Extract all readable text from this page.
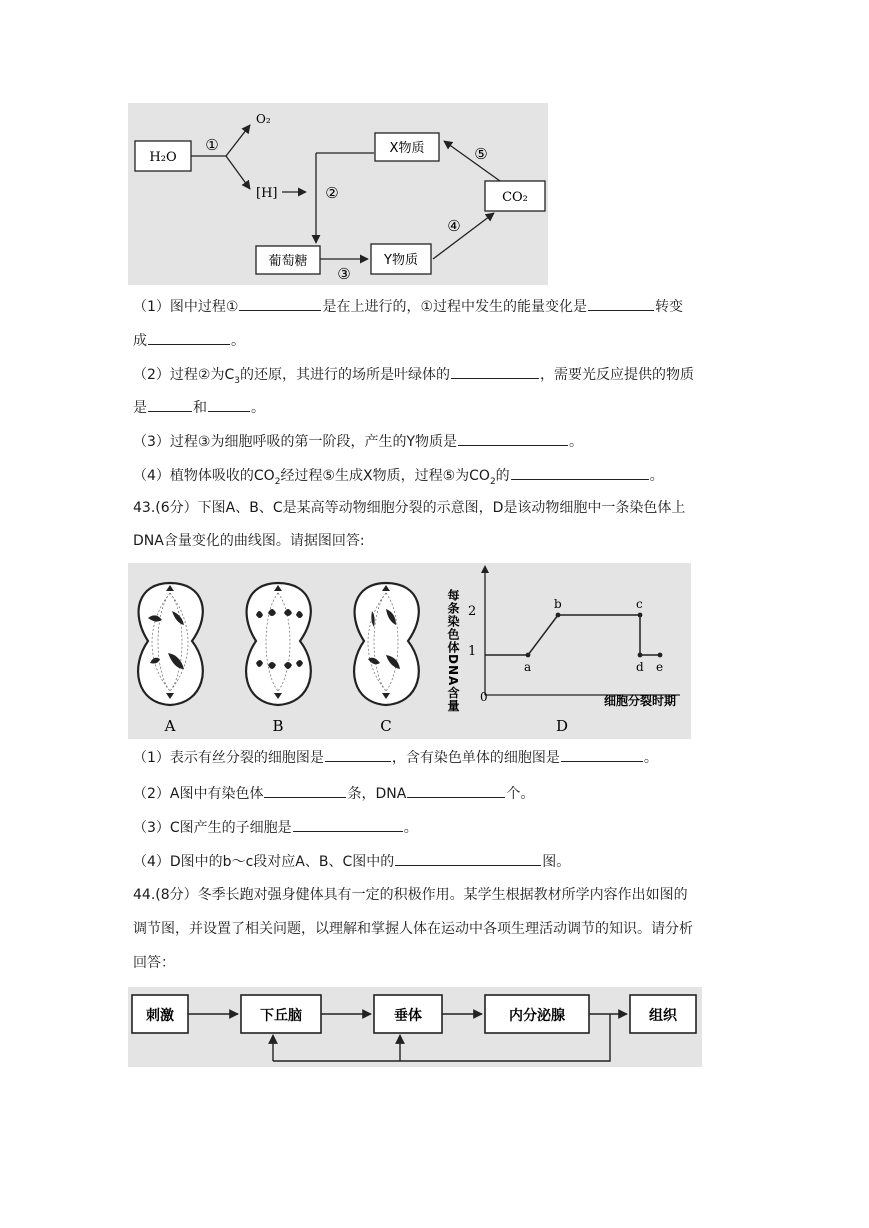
H₂O
①
O₂
[H]	②
X物质
CO₂
⑤
葡萄糖
③
Y物质
④
（1）图中过程①	是在上进行的，①过程中发生的能量变化是	转变
成	。
（2）过程②为$C_3$的还原，其进行的场所是叶绿体的	，需要光反应提供的物质
是	和	。
（3）过程③为细胞呼吸的第一阶段，产生的Y物质是	。
（4）植物体吸收的$CO_2$经过程⑤生成X物质，过程⑤为$CO_2$的	。
43.(6分）下图A、B、C是某高等动物细胞分裂的示意图，D是该动物细胞中一条染色体上
DNA含量变化的曲线图。请据图回答:
A	B	C
每条染色体DNA含量 1
2
0	细胞分裂时期
a
b	c
d e
D
（1）表示有丝分裂的细胞图是	，含有染色单体的细胞图是	。
（2）A图中有染色体	条，DNA	个。
（3）C图产生的子细胞是	。
（4）D图中的b～c段对应A、B、C图中的	图。
44.(8分）冬季长跑对强身健体具有一定的积极作用。某学生根据教材所学内容作出如图的
调节图，并设置了相关问题，以理解和掌握人体在运动中各项生理活动调节的知识。请分析
回答：
刺激	下丘脑	垂体	内分泌腺	组织
